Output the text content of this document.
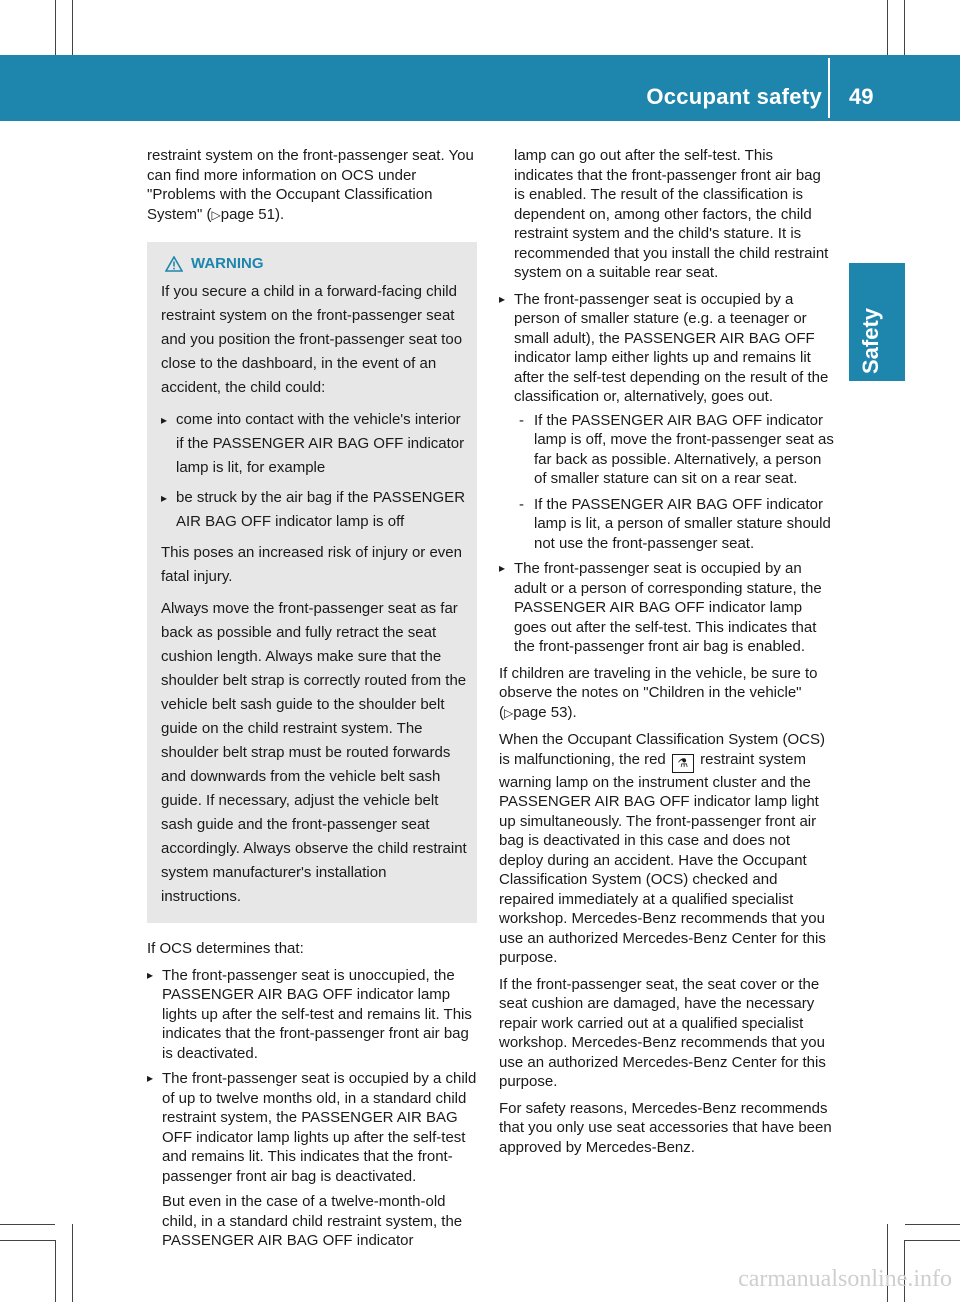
Occupant safety 49
Safety

restraint system on the front-passenger seat. You can find more information on OCS under "Problems with the Occupant Classification System" (▷page 51).

WARNING

If you secure a child in a forward-facing child restraint system on the front-passenger seat and you position the front-passenger seat too close to the dashboard, in the event of an accident, the child could:

▸ come into contact with the vehicle's interior if the PASSENGER AIR BAG OFF indicator lamp is lit, for example
▸ be struck by the air bag if the PASSENGER AIR BAG OFF indicator lamp is off

This poses an increased risk of injury or even fatal injury.

Always move the front-passenger seat as far back as possible and fully retract the seat cushion length. Always make sure that the shoulder belt strap is correctly routed from the vehicle belt sash guide to the shoulder belt guide on the child restraint system. The shoulder belt strap must be routed forwards and downwards from the vehicle belt sash guide. If necessary, adjust the vehicle belt sash guide and the front-passenger seat accordingly. Always observe the child restraint system manufacturer's installation instructions.

If OCS determines that:

▸ The front-passenger seat is unoccupied, the PASSENGER AIR BAG OFF indicator lamp lights up after the self-test and remains lit. This indicates that the front-passenger front air bag is deactivated.
▸ The front-passenger seat is occupied by a child of up to twelve months old, in a standard child restraint system, the PASSENGER AIR BAG OFF indicator lamp lights up after the self-test and remains lit. This indicates that the front-passenger front air bag is deactivated.
But even in the case of a twelve-month-old child, in a standard child restraint system, the PASSENGER AIR BAG OFF indicator

lamp can go out after the self-test. This indicates that the front-passenger front air bag is enabled. The result of the classification is dependent on, among other factors, the child restraint system and the child's stature. It is recommended that you install the child restraint system on a suitable rear seat.

▸ The front-passenger seat is occupied by a person of smaller stature (e.g. a teenager or small adult), the PASSENGER AIR BAG OFF indicator lamp either lights up and remains lit after the self-test depending on the result of the classification or, alternatively, goes out.
- If the PASSENGER AIR BAG OFF indicator lamp is off, move the front-passenger seat as far back as possible. Alternatively, a person of smaller stature can sit on a rear seat.
- If the PASSENGER AIR BAG OFF indicator lamp is lit, a person of smaller stature should not use the front-passenger seat.
▸ The front-passenger seat is occupied by an adult or a person of corresponding stature, the PASSENGER AIR BAG OFF indicator lamp goes out after the self-test. This indicates that the front-passenger front air bag is enabled.

If children are traveling in the vehicle, be sure to observe the notes on "Children in the vehicle" (▷page 53).

When the Occupant Classification System (OCS) is malfunctioning, the red ⚗ restraint system warning lamp on the instrument cluster and the PASSENGER AIR BAG OFF indicator lamp light up simultaneously. The front-passenger front air bag is deactivated in this case and does not deploy during an accident. Have the Occupant Classification System (OCS) checked and repaired immediately at a qualified specialist workshop. Mercedes-Benz recommends that you use an authorized Mercedes-Benz Center for this purpose.

If the front-passenger seat, the seat cover or the seat cushion are damaged, have the necessary repair work carried out at a qualified specialist workshop. Mercedes-Benz recommends that you use an authorized Mercedes-Benz Center for this purpose.

For safety reasons, Mercedes-Benz recommends that you only use seat accessories that have been approved by Mercedes-Benz.

carmanualsonline.info
